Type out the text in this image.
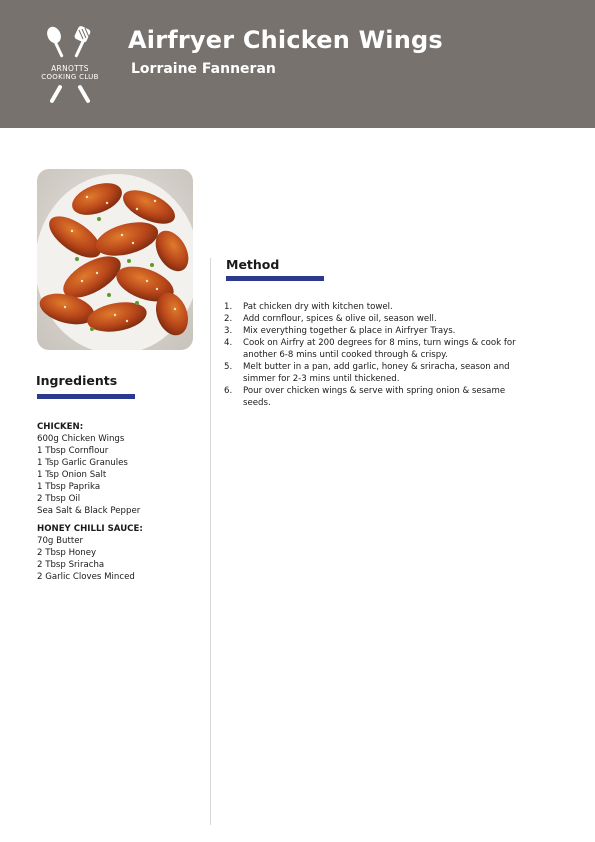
ARNOTTS
COOKING CLUB
Airfryer Chicken Wings
Lorraine Fanneran
Ingredients
CHICKEN:
600g Chicken Wings
1 Tbsp Cornflour
1 Tsp Garlic Granules
1 Tsp Onion Salt
1 Tbsp Paprika
2 Tbsp Oil
Sea Salt & Black Pepper
HONEY CHILLI SAUCE:
70g Butter
2 Tbsp Honey
2 Tbsp Sriracha
2 Garlic Cloves Minced
Method
1. Pat chicken dry with kitchen towel.
2. Add cornflour, spices & olive oil, season well.
3. Mix everything together & place in Airfryer Trays.
4. Cook on Airfry at 200 degrees for 8 mins, turn wings & cook for
another 6-8 mins until cooked through & crispy.
5. Melt butter in a pan, add garlic, honey & sriracha, season and
simmer for 2-3 mins until thickened.
6. Pour over chicken wings & serve with spring onion & sesame
seeds.
